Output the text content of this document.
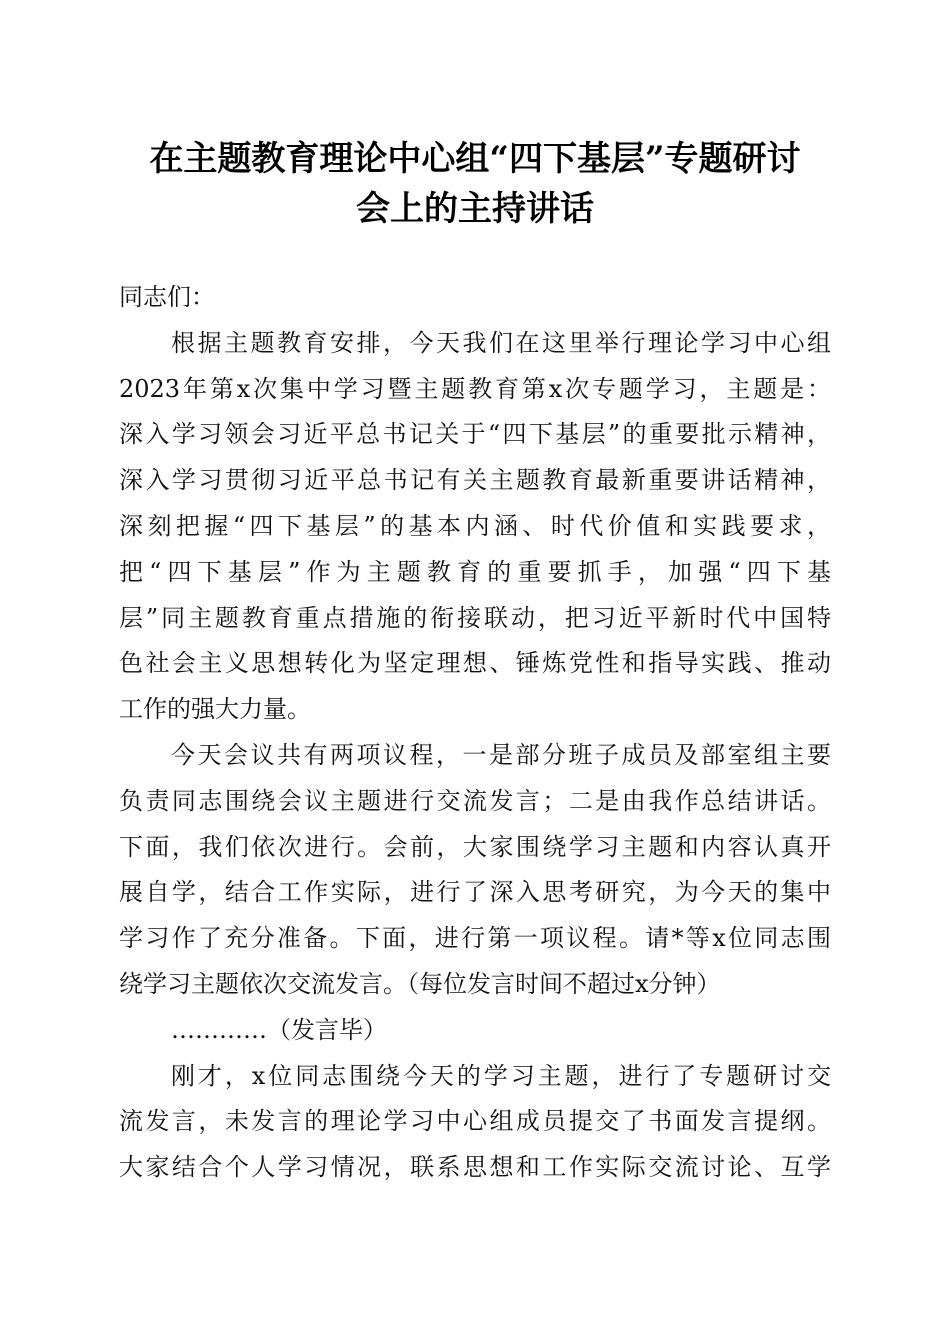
在主题教育理论中心组“四下基层”专题研讨
会上的主持讲话
同志们：
根据主题教育安排，今天我们在这里举行理论学习中心组
2023年第x次集中学习暨主题教育第x次专题学习，主题是：
深入学习领会习近平总书记关于“四下基层”的重要批示精神，
深入学习贯彻习近平总书记有关主题教育最新重要讲话精神，
深刻把握“四下基层”的基本内涵、时代价值和实践要求，
把“四下基层”作为主题教育的重要抓手，加强“四下基
层”同主题教育重点措施的衔接联动，把习近平新时代中国特
色社会主义思想转化为坚定理想、锤炼党性和指导实践、推动
工作的强大力量。
今天会议共有两项议程，一是部分班子成员及部室组主要
负责同志围绕会议主题进行交流发言；二是由我作总结讲话。
下面，我们依次进行。会前，大家围绕学习主题和内容认真开
展自学，结合工作实际，进行了深入思考研究，为今天的集中
学习作了充分准备。下面，进行第一项议程。请*等x位同志围
绕学习主题依次交流发言。（每位发言时间不超过x分钟）
…………（发言毕）
刚才，x位同志围绕今天的学习主题，进行了专题研讨交
流发言，未发言的理论学习中心组成员提交了书面发言提纲。
大家结合个人学习情况，联系思想和工作实际交流讨论、互学
